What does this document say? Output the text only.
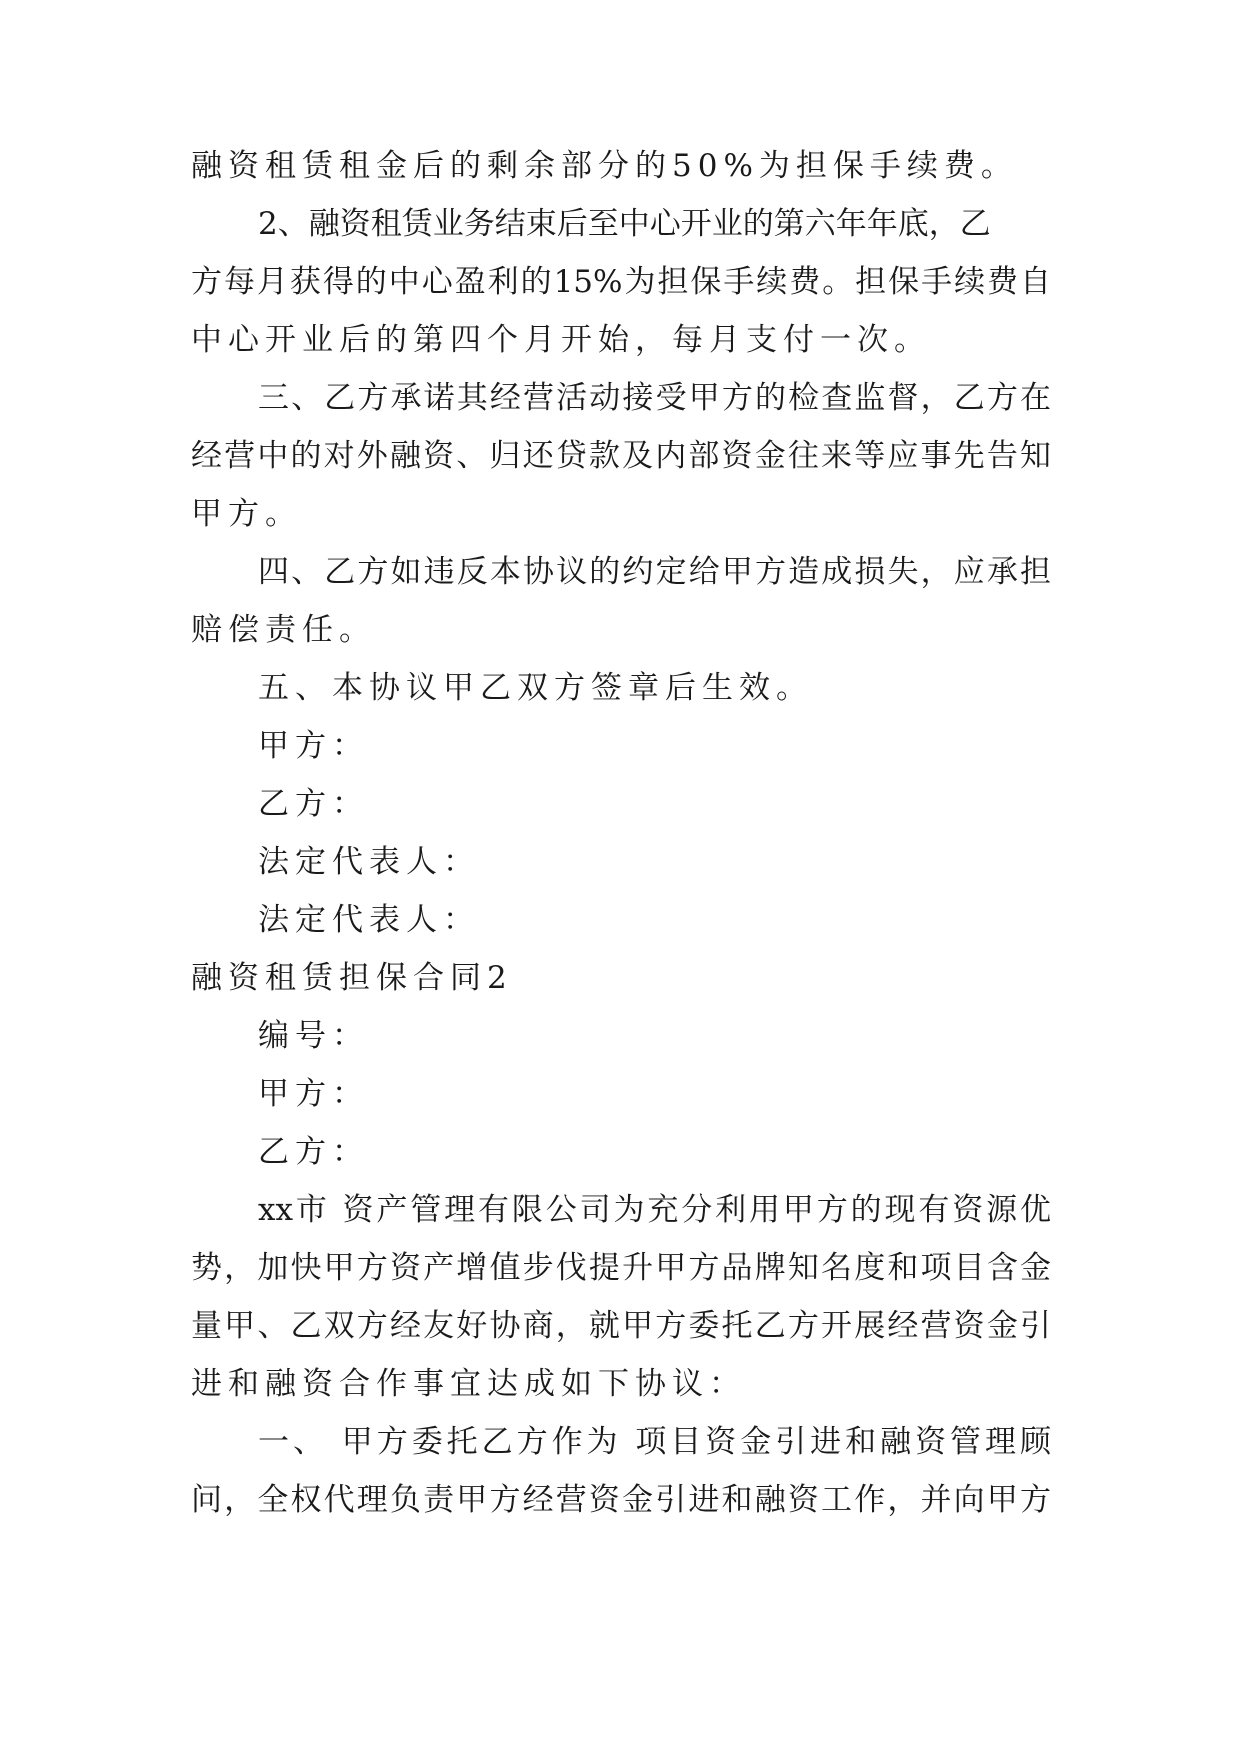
融资租赁租金后的剩余部分的50%为担保手续费。
2、融资租赁业务结束后至中心开业的第六年年底，乙
方每月获得的中心盈利的15%为担保手续费。担保手续费自
中心开业后的第四个月开始，每月支付一次。
三、乙方承诺其经营活动接受甲方的检查监督，乙方在
经营中的对外融资、归还贷款及内部资金往来等应事先告知
甲方。
四、乙方如违反本协议的约定给甲方造成损失，应承担
赔偿责任。
五、本协议甲乙双方签章后生效。
甲方：
乙方：
法定代表人：
法定代表人：
融资租赁担保合同2
编号：
甲方：
乙方：
xx市 资产管理有限公司为充分利用甲方的现有资源优
势，加快甲方资产增值步伐提升甲方品牌知名度和项目含金
量甲、乙双方经友好协商，就甲方委托乙方开展经营资金引
进和融资合作事宜达成如下协议：
一、 甲方委托乙方作为 项目资金引进和融资管理顾
问，全权代理负责甲方经营资金引进和融资工作，并向甲方
